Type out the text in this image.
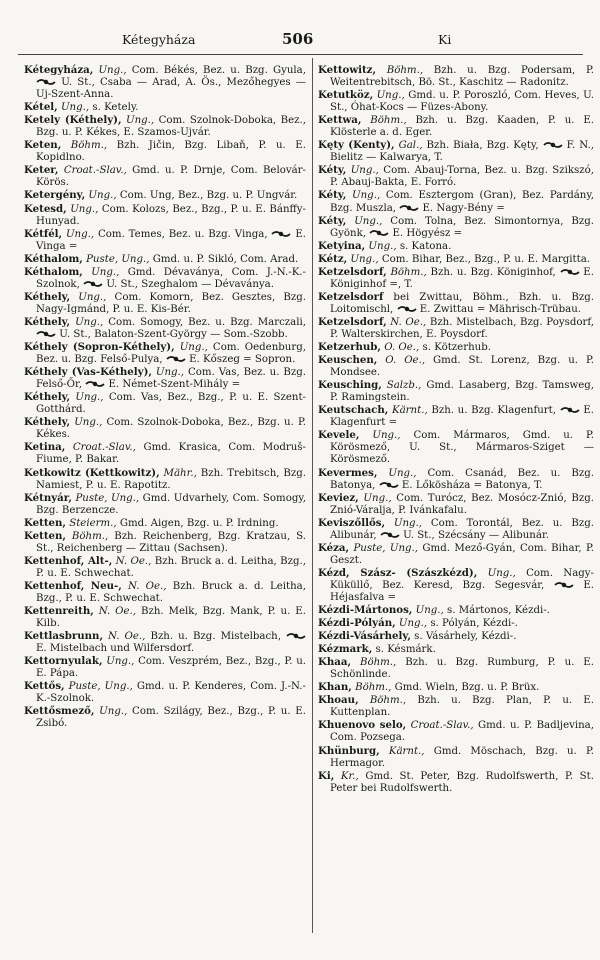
Kétegyháza	506	Ki

Kétegyháza, Ung., Com. Békés, Bez. u. Bzg. Gyula,
U. St., Csaba — Arad, A. Ös., Mezőhegyes — Uj-Szent-Anna.

Kétel, Ung., s. Ketely.

Ketely (Kéthely), Ung., Com. Szolnok-Doboka, Bez., Bzg. u. P. Kékes, E. Szamos-Ujvár.

Keten, Böhm., Bzh. Jičin, Bzg. Libaň, P. u. E. Kopidlno.

Keter, Croat.-Slav., Gmd. u. P. Drnje, Com. Belovár-Körös.

Ketergény, Ung., Com. Ung, Bez., Bzg. u. P. Ungvár.

Ketesd, Ung., Com. Kolozs, Bez., Bzg., P. u. E. Bánffy-Hunyad.

Kétfél, Ung., Com. Temes, Bez. u. Bzg. Vinga,
E. Vinga =

Kéthalom, Puste, Ung., Gmd. u. P. Sikló, Com. Arad.

Kéthalom, Ung., Gmd. Dévaványa, Com. J.-N.-K.-Szolnok,
U. St., Szeghalom — Dévaványa.

Kéthely, Ung., Com. Komorn, Bez. Gesztes, Bzg. Nagy-Igmánd, P. u. E. Kis-Bér.

Kéthely, Ung., Com. Somogy, Bez. u. Bzg. Marczali,
U. St., Balaton-Szent-György — Som.-Szobb.

Kéthely (Sopron-Kéthely), Ung., Com. Oedenburg, Bez. u. Bzg. Felső-Pulya,
E. Kőszeg = Sopron.

Kéthely (Vas-Kéthely), Ung., Com. Vas, Bez. u. Bzg. Felső-Őr,
E. Német-Szent-Mihály =

Kéthely, Ung., Com. Vas, Bez., Bzg., P. u. E. Szent-Gotthárd.

Kéthely, Ung., Com. Szolnok-Doboka, Bez., Bzg. u. P. Kékes.

Ketina, Croat.-Slav., Gmd. Krasica, Com. Modruš-Fiume, P. Bakar.

Ketkowitz (Kettkowitz), Mähr., Bzh. Trebitsch, Bzg. Namiest, P. u. E. Rapotitz.

Kétnyár, Puste, Ung., Gmd. Udvarhely, Com. Somogy, Bzg. Berzencze.

Ketten, Steierm., Gmd. Aigen, Bzg. u. P. Irdning.

Ketten, Böhm., Bzh. Reichenberg, Bzg. Kratzau, S. St., Reichenberg — Zittau (Sachsen).

Kettenhof, Alt-, N. Oe., Bzh. Bruck a. d. Leitha, Bzg., P. u. E. Schwechat.

Kettenhof, Neu-, N. Oe., Bzh. Bruck a. d. Leitha, Bzg., P. u. E. Schwechat.

Kettenreith, N. Oe., Bzh. Melk, Bzg. Mank, P. u. E. Kilb.

Kettlasbrunn, N. Oe., Bzh. u. Bzg. Mistelbach,
E. Mistelbach und Wilfersdorf.

Kettornyulak, Ung., Com. Veszprém, Bez., Bzg., P. u. E. Pápa.

Kettős, Puste, Ung., Gmd. u. P. Kenderes, Com. J.-N.-K.-Szolnok.

Kettősmező, Ung., Com. Szilágy, Bez., Bzg., P. u. E. Zsibó.

Kettowitz, Böhm., Bzh. u. Bzg. Podersam, P. Weitentrebitsch, Bö. St., Kaschitz — Radonitz.

Ketutköz, Ung., Gmd. u. P. Poroszló, Com. Heves, U. St., Óhat-Kocs — Füzes-Abony.

Kettwa, Böhm., Bzh. u. Bzg. Kaaden, P. u. E. Klösterle a. d. Eger.

Kęty (Kenty), Gal., Bzh. Biała, Bzg. Kęty,
F. N., Bielitz — Kalwarya, T.

Kéty, Ung., Com. Abauj-Torna, Bez. u. Bzg. Szikszó, P. Abauj-Bakta, E. Forró.

Kéty, Ung., Com. Esztergom (Gran), Bez. Pardány, Bzg. Muszla,
E. Nagy-Bény =

Kéty, Ung., Com. Tolna, Bez. Simontornya, Bzg. Gyönk,
E. Högyész =

Ketyina, Ung., s. Katona.

Kétz, Ung., Com. Bihar, Bez., Bzg., P. u. E. Margitta.

Ketzelsdorf, Böhm., Bzh. u. Bzg. Königinhof,
E. Königinhof =, T.

Ketzelsdorf bei Zwittau, Böhm., Bzh. u. Bzg. Loitomischl,
E. Zwittau = Mährisch-Trübau.

Ketzelsdorf, N. Oe., Bzh. Mistelbach, Bzg. Poysdorf, P. Walterskirchen, E. Poysdorf.

Ketzerhub, O. Oe., s. Kötzerhub.

Keuschen, O. Oe., Gmd. St. Lorenz, Bzg. u. P. Mondsee.

Keusching, Salzb., Gmd. Lasaberg, Bzg. Tamsweg, P. Ramingstein.

Keutschach, Kärnt., Bzh. u. Bzg. Klagenfurt,
E. Klagenfurt =

Kevele, Ung., Com. Mármaros, Gmd. u. P. Körösmező, U. St., Mármaros-Sziget — Körösmező.

Kevermes, Ung., Com. Csanád, Bez. u. Bzg. Batonya,
E. Lőkösháza = Batonya, T.

Keviez, Ung., Com. Turócz, Bez. Mosócz-Znió, Bzg. Znió-Váralja, P. Ivánkafalu.

Keviszőllős, Ung., Com. Torontál, Bez. u. Bzg. Alibunár,
U. St., Szécsány — Alibunár.

Kéza, Puste, Ung., Gmd. Mező-Gyán, Com. Bihar, P. Geszt.

Kézd, Szász- (Szászkézd), Ung., Com. Nagy-Küküllő, Bez. Keresd, Bzg. Segesvár,	E. Héjasfalva =

Kézdi-Mártonos, Ung., s. Mártonos, Kézdi-.

Kézdi-Pólyán, Ung., s. Pólyán, Kézdi-.

Kézdi-Vásárhely, s. Vásárhely, Kézdi-.

Kézmark, s. Késmárk.

Khaa, Böhm., Bzh. u. Bzg. Rumburg, P. u. E. Schönlinde.

Khan, Böhm., Gmd. Wieln, Bzg. u. P. Brüx.

Khoau, Böhm., Bzh. u. Bzg. Plan, P. u. E. Kuttenplan.

Khuenovo selo, Croat.-Slav., Gmd. u. P. Badljevina, Com. Pozsega.

Khünburg, Kärnt., Gmd. Möschach, Bzg. u. P. Hermagor.

Ki, Kr., Gmd. St. Peter, Bzg. Rudolfswerth, P. St. Peter bei Rudolfswerth.
